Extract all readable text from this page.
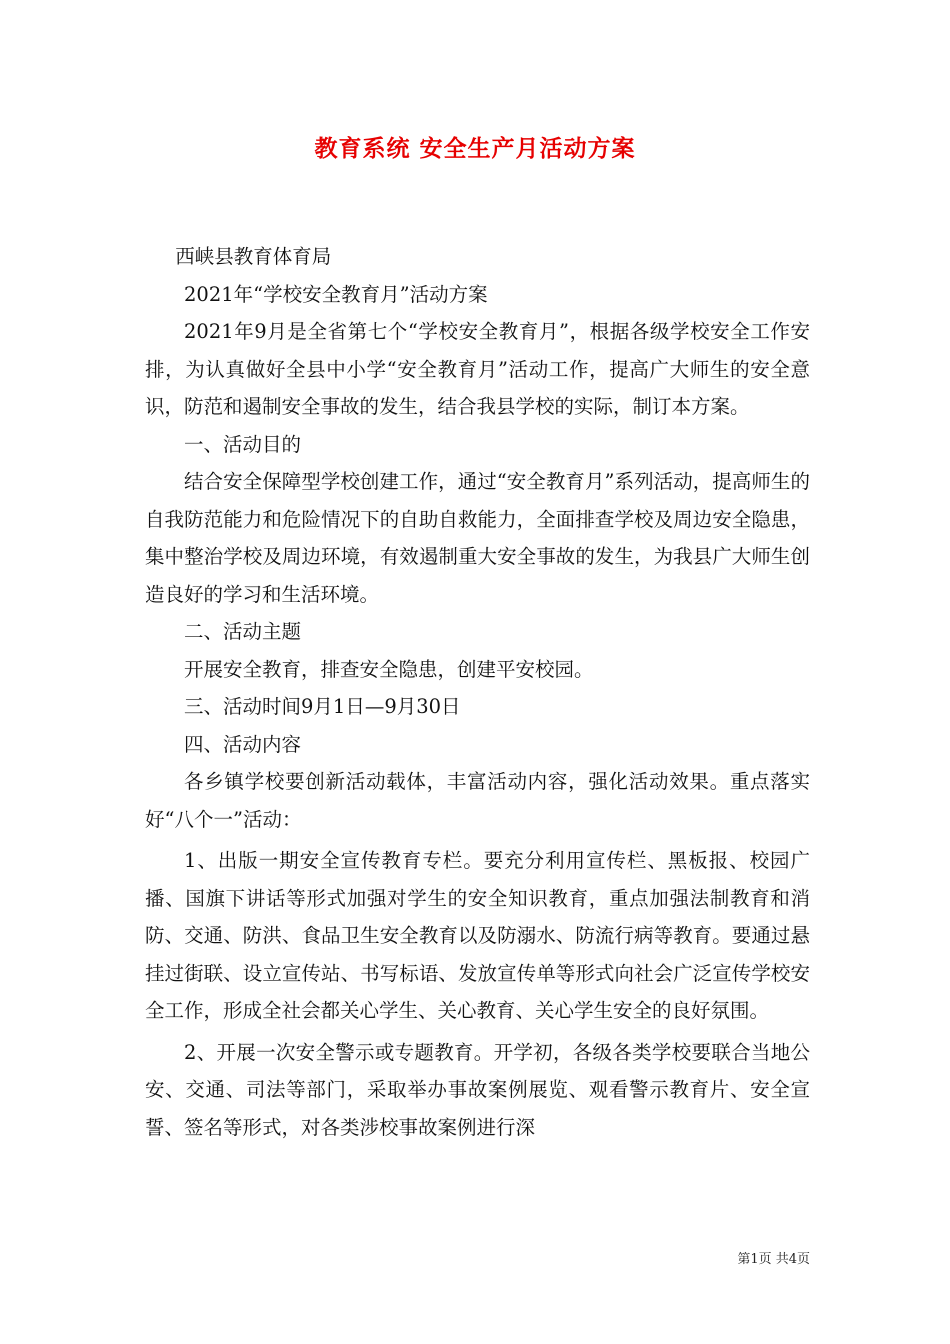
教育系统 安全生产月活动方案

西峡县教育体育局

2021年“学校安全教育月”活动方案

2021年9月是全省第七个“学校安全教育月”，根据各级学校安全工作安排，为认真做好全县中小学“安全教育月”活动工作，提高广大师生的安全意识，防范和遏制安全事故的发生，结合我县学校的实际，制订本方案。

一、活动目的

结合安全保障型学校创建工作，通过“安全教育月”系列活动，提高师生的自我防范能力和危险情况下的自助自救能力，全面排查学校及周边安全隐患，集中整治学校及周边环境，有效遏制重大安全事故的发生，为我县广大师生创造良好的学习和生活环境。

二、活动主题

开展安全教育，排查安全隐患，创建平安校园。

三、活动时间9月1日—9月30日

四、活动内容

各乡镇学校要创新活动载体，丰富活动内容，强化活动效果。重点落实好“八个一”活动：

1、出版一期安全宣传教育专栏。要充分利用宣传栏、黑板报、校园广播、国旗下讲话等形式加强对学生的安全知识教育，重点加强法制教育和消防、交通、防洪、食品卫生安全教育以及防溺水、防流行病等教育。要通过悬挂过街联、设立宣传站、书写标语、发放宣传单等形式向社会广泛宣传学校安全工作，形成全社会都关心学生、关心教育、关心学生安全的良好氛围。

2、开展一次安全警示或专题教育。开学初，各级各类学校要联合当地公安、交通、司法等部门，采取举办事故案例展览、观看警示教育片、安全宣誓、签名等形式，对各类涉校事故案例进行深

第1页 共4页
